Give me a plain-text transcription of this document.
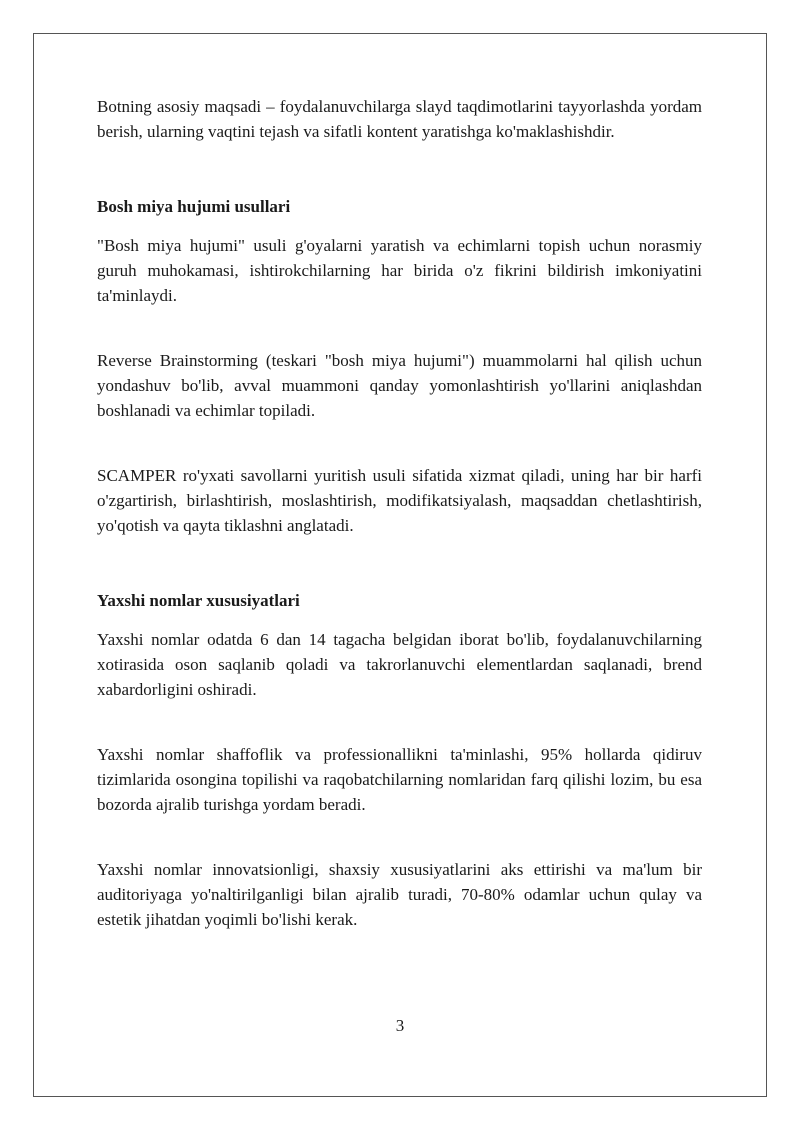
Botning asosiy maqsadi – foydalanuvchilarga slayd taqdimotlarini tayyorlashda yordam berish, ularning vaqtini tejash va sifatli kontent yaratishga ko'maklashishdir.

Bosh miya hujumi usullari

"Bosh miya hujumi" usuli g'oyalarni yaratish va echimlarni topish uchun norasmiy guruh muhokamasi, ishtirokchilarning har birida o'z fikrini bildirish imkoniyatini ta'minlaydi.

Reverse Brainstorming (teskari "bosh miya hujumi") muammolarni hal qilish uchun yondashuv bo'lib, avval muammoni qanday yomonlashtirish yo'llarini aniqlashdan boshlanadi va echimlar topiladi.

SCAMPER ro'yxati savollarni yuritish usuli sifatida xizmat qiladi, uning har bir harfi o'zgartirish, birlashtirish, moslashtirish, modifikatsiyalash, maqsaddan chetlashtirish, yo'qotish va qayta tiklashni anglatadi.

Yaxshi nomlar xususiyatlari

Yaxshi nomlar odatda 6 dan 14 tagacha belgidan iborat bo'lib, foydalanuvchilarning xotirasida oson saqlanib qoladi va takrorlanuvchi elementlardan saqlanadi, brend xabardorligini oshiradi.

Yaxshi nomlar shaffoflik va professionallikni ta'minlashi, 95% hollarda qidiruv tizimlarida osongina topilishi va raqobatchilarning nomlaridan farq qilishi lozim, bu esa bozorda ajralib turishga yordam beradi.

Yaxshi nomlar innovatsionligi, shaxsiy xususiyatlarini aks ettirishi va ma'lum bir auditoriyaga yo'naltirilganligi bilan ajralib turadi, 70-80% odamlar uchun qulay va estetik jihatdan yoqimli bo'lishi kerak.

3
